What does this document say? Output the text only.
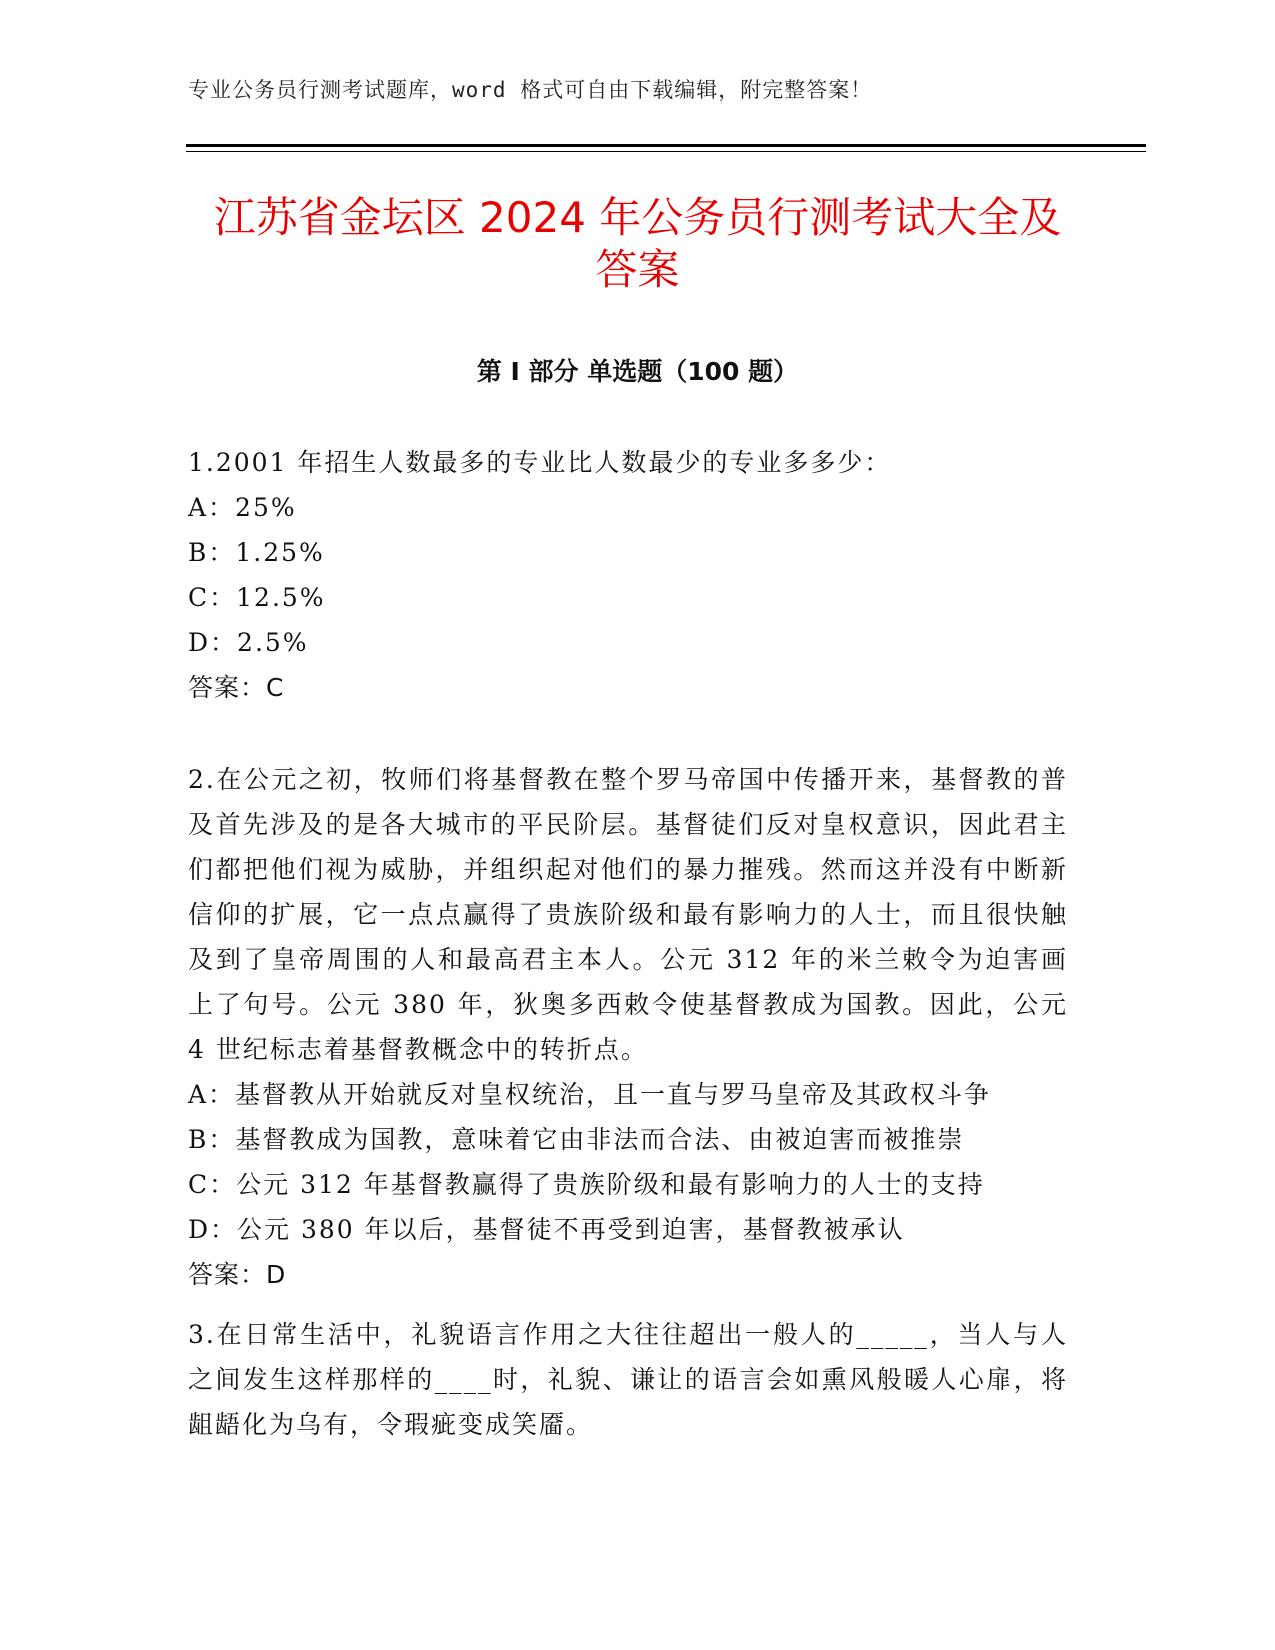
专业公务员行测考试题库，word 格式可自由下载编辑，附完整答案！
江苏省金坛区 2024 年公务员行测考试大全及
答案
第 I 部分 单选题（100 题）
1.2001 年招生人数最多的专业比人数最少的专业多多少：
A：25%
B：1.25%
C：12.5%
D：2.5%
答案：C
2.在公元之初，牧师们将基督教在整个罗马帝国中传播开来，基督教的普及首先涉及的是各大城市的平民阶层。基督徒们反对皇权意识，因此君主们都把他们视为威胁，并组织起对他们的暴力摧残。然而这并没有中断新信仰的扩展，它一点点赢得了贵族阶级和最有影响力的人士，而且很快触及到了皇帝周围的人和最高君主本人。公元 312 年的米兰敕令为迫害画上了句号。公元 380 年，狄奥多西敕令使基督教成为国教。因此，公元 4 世纪标志着基督教概念中的转折点。
A：基督教从开始就反对皇权统治，且一直与罗马皇帝及其政权斗争
B：基督教成为国教，意味着它由非法而合法、由被迫害而被推崇
C：公元 312 年基督教赢得了贵族阶级和最有影响力的人士的支持
D：公元 380 年以后，基督徒不再受到迫害，基督教被承认
答案：D
3.在日常生活中，礼貌语言作用之大往往超出一般人的_____，当人与人之间发生这样那样的____时，礼貌、谦让的语言会如熏风般暖人心扉，将龃龉化为乌有，令瑕疵变成笑靥。
